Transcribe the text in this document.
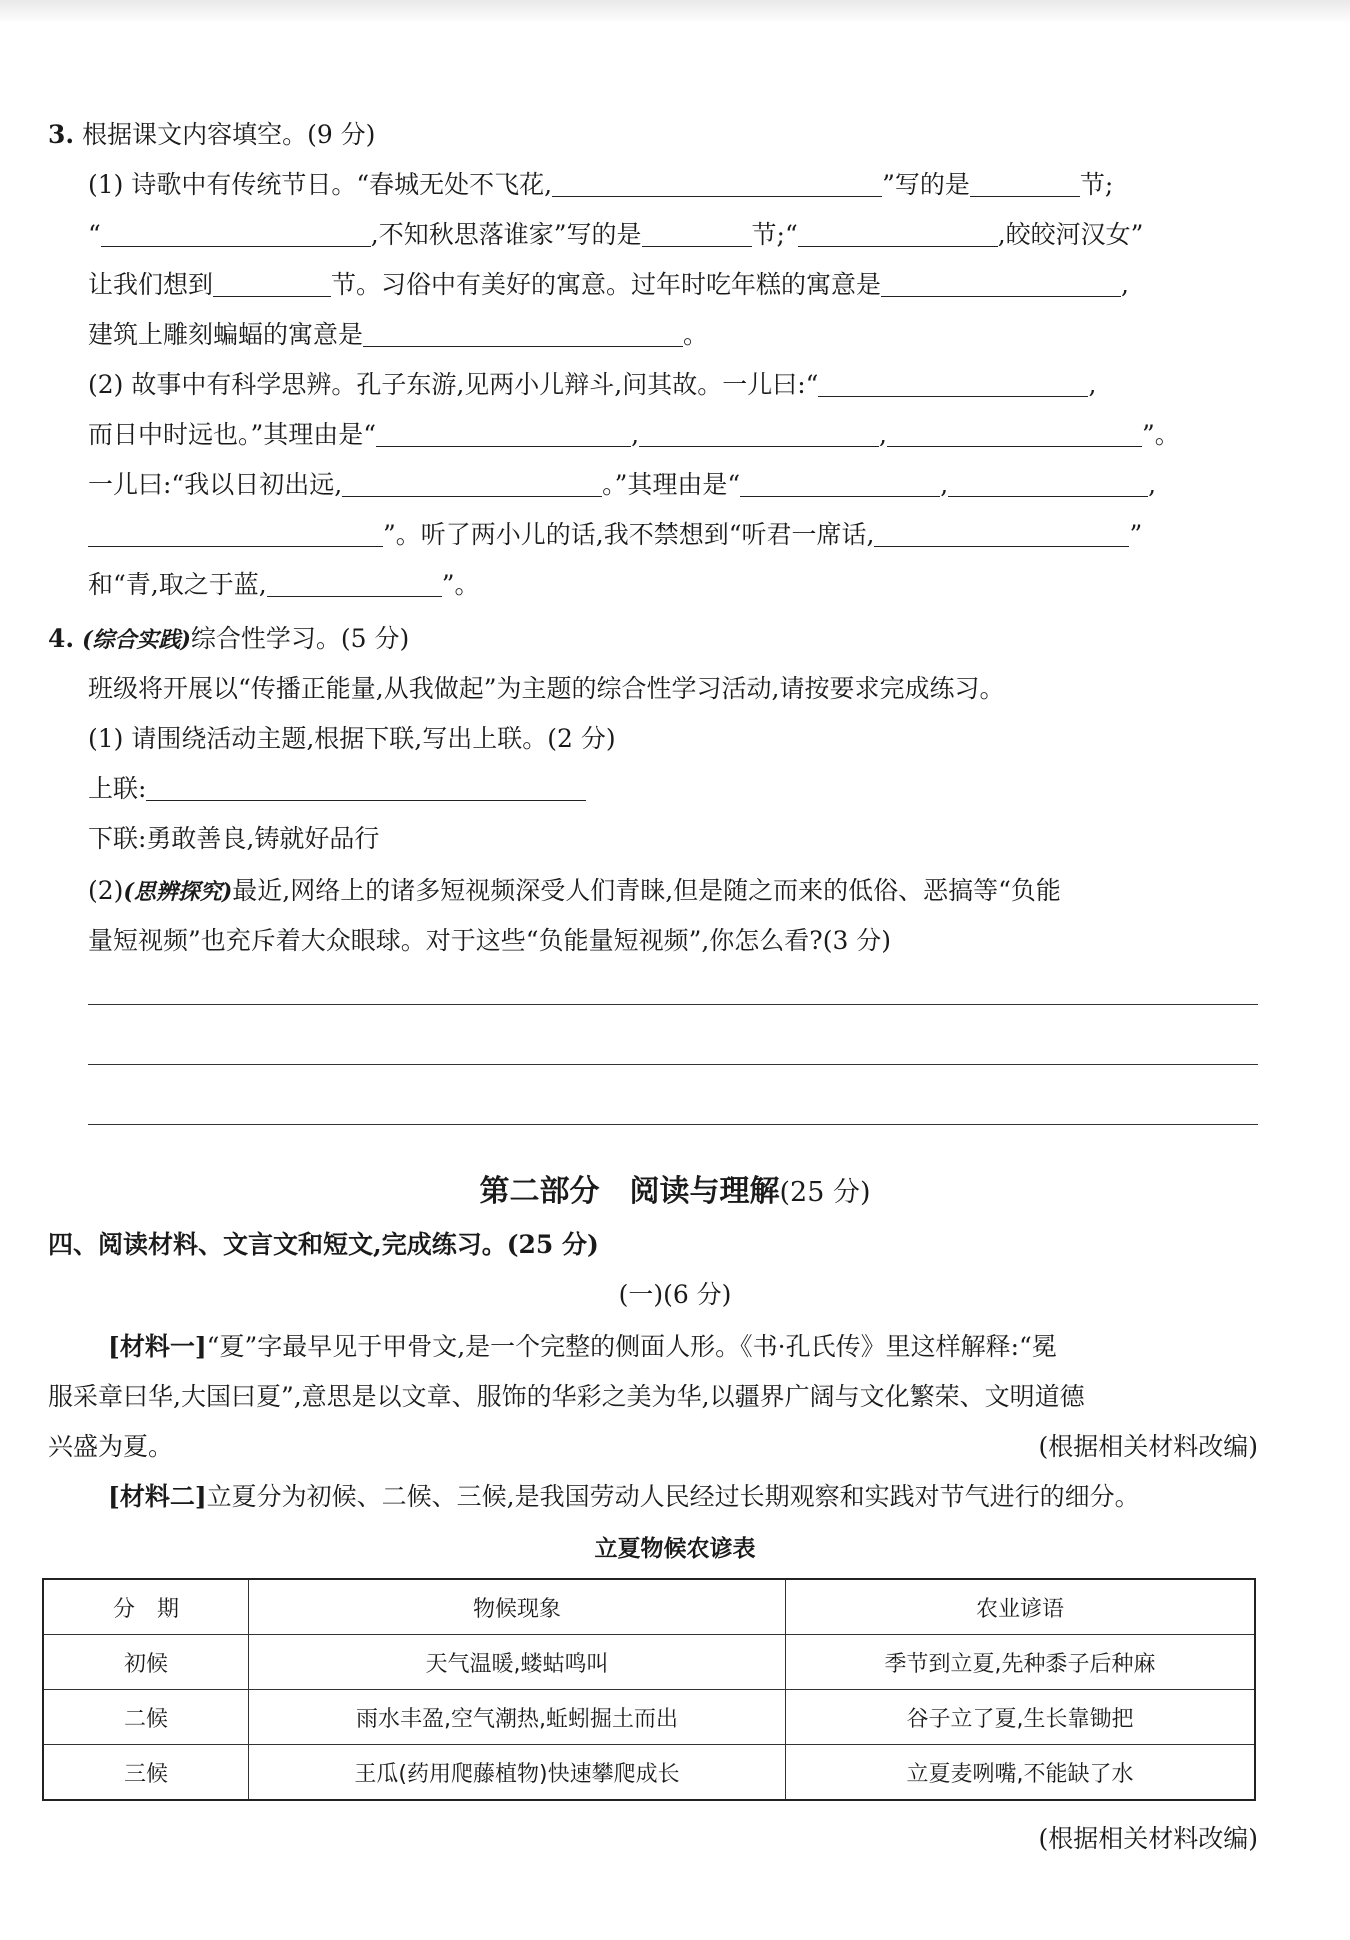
3. 根据课文内容填空。(9 分)
(1) 诗歌中有传统节日。“春城无处不飞花,	”写的是	节;
“	,不知秋思落谁家”写的是	节;“	,皎皎河汉女”
让我们想到	节。习俗中有美好的寓意。过年时吃年糕的寓意是	,
建筑上雕刻蝙蝠的寓意是	。
(2) 故事中有科学思辨。孔子东游,见两小儿辩斗,问其故。一儿曰:“	,
而日中时远也。”其理由是“	,	,	”。
一儿曰:“我以日初出远,	。”其理由是“	,	,
”。听了两小儿的话,我不禁想到“听君一席话,	”
和“青,取之于蓝,	”。
4. (综合实践)综合性学习。(5 分)
班级将开展以“传播正能量,从我做起”为主题的综合性学习活动,请按要求完成练习。
(1) 请围绕活动主题,根据下联,写出上联。(2 分)
上联:
下联:勇敢善良,铸就好品行
(2)(思辨探究)最近,网络上的诸多短视频深受人们青睐,但是随之而来的低俗、恶搞等“负能
量短视频”也充斥着大众眼球。对于这些“负能量短视频”,你怎么看?(3 分)
第二部分　阅读与理解(25 分)
四、阅读材料、文言文和短文,完成练习。(25 分)
(一)(6 分)
[材料一]“夏”字最早见于甲骨文,是一个完整的侧面人形。《书·孔氏传》里这样解释:“冕
服采章曰华,大国曰夏”,意思是以文章、服饰的华彩之美为华,以疆界广阔与文化繁荣、文明道德
兴盛为夏。	(根据相关材料改编)
[材料二]立夏分为初候、二候、三候,是我国劳动人民经过长期观察和实践对节气进行的细分。
立夏物候农谚表
分　期	物候现象	农业谚语
初候	天气温暖,蝼蛄鸣叫	季节到立夏,先种黍子后种麻
二候	雨水丰盈,空气潮热,蚯蚓掘土而出	谷子立了夏,生长靠锄把
三候	王瓜(药用爬藤植物)快速攀爬成长	立夏麦咧嘴,不能缺了水
(根据相关材料改编)
